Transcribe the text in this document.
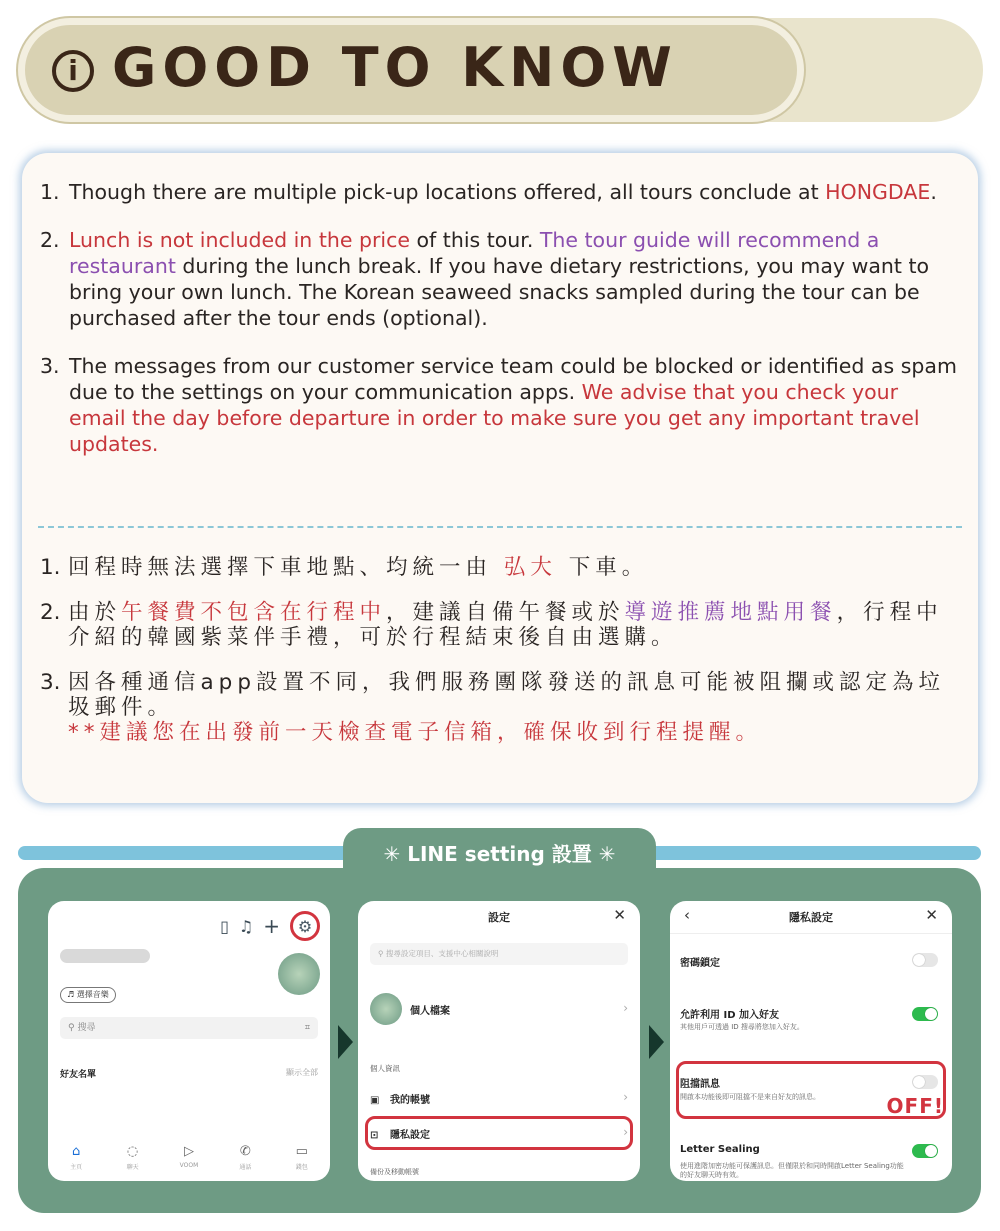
i GOOD TO KNOW
1. Though there are multiple pick-up locations offered, all tours conclude at HONGDAE.
2. Lunch is not included in the price of this tour. The tour guide will recommend a restaurant during the lunch break. If you have dietary restrictions, you may want to bring your own lunch. The Korean seaweed snacks sampled during the tour can be purchased after the tour ends (optional).
3. The messages from our customer service team could be blocked or identified as spam due to the settings on your communication apps. We advise that you check your email the day before departure in order to make sure you get any important travel updates.
1. 回程時無法選擇下車地點、均統一由 弘大 下車。
2. 由於午餐費不包含在行程中，建議自備午餐或於導遊推薦地點用餐，行程中介紹的韓國紫菜伴手禮，可於行程結束後自由選購。
3. 因各種通信app設置不同，我們服務團隊發送的訊息可能被阻攔或認定為垃圾郵件。
**建議您在出發前一天檢查電子信箱，確保收到行程提醒。
✳ LINE setting 設置 ✳
▯ ♫ +	⚙
♬ 選擇音樂
⚲ 搜尋	⌗
好友名單	顯示全部
⌂
主頁
◌
聊天
▷
VOOM
✆
通話
▭
錢包
設定	✕
⚲ 搜尋設定項目、支援中心相關說明
個人檔案	›
個人資訊
▣ 我的帳號	›
⊡ 隱私設定	›
備份及移動帳號
‹	隱私設定	✕
密碼鎖定
允許利用 ID 加入好友
其他用戶可透過 ID 搜尋將您加入好友。
阻擋訊息
開啟本功能後即可阻擋不是來自好友的訊息。	OFF!
Letter Sealing
使用進階加密功能可保護訊息。但僅限於和同時開啟Letter Sealing功能的好友聊天時有效。
